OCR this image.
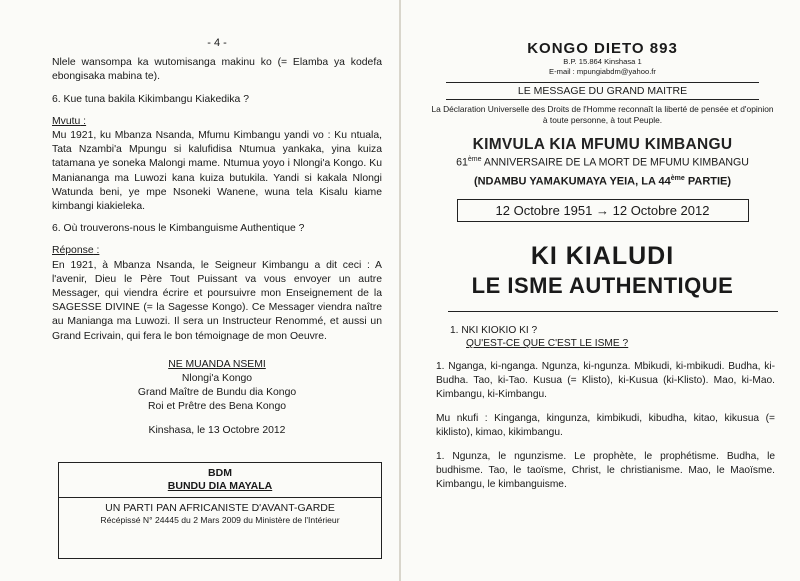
- 4 -

Nlele wansompa ka wutomisanga makinu ko (= Elamba ya kodefa ebongisaka mabina te).

6. Kue tuna bakila Kikimbangu Kiakedika ?

Mvutu :
Mu 1921, ku Mbanza Nsanda, Mfumu Kimbangu yandi vo : Ku ntuala, Tata Nzambi'a Mpungu si kalufidisa Ntumua yankaka, yina kuiza tatamana ye soneka Malongi mame. Ntumua yoyo i Nlongi'a Kongo. Ku Maniananga ma Luwozi kana kuiza butukila. Yandi si kakala Nlongi Watunda beni, ye mpe Nsoneki Wanene, wuna tela Kisalu kiame kimbangi kiakieleka.

6. Où trouverons-nous le Kimbanguisme Authentique ?

Réponse :
En 1921, à Mbanza Nsanda, le Seigneur Kimbangu a dit ceci : A l'avenir, Dieu le Père Tout Puissant va vous envoyer un autre Messager, qui viendra écrire et poursuivre mon Enseignement de la SAGESSE DIVINE (= la Sagesse Kongo). Ce Messager viendra naître au Manianga ma Luwozi. Il sera un Instructeur Renommé, et aussi un Grand Ecrivain, qui fera le bon témoignage de mon Oeuvre.
NE MUANDA NSEMI
Nlongi'a Kongo
Grand Maître de Bundu dia Kongo
Roi et Prêtre des Bena Kongo
Kinshasa, le 13 Octobre 2012
BDM
BUNDU DIA MAYALA
UN PARTI PAN AFRICANISTE D'AVANT-GARDE
Récépissé N° 24445 du 2 Mars 2009 du Ministère de l'Intérieur
KONGO DIETO 893
B.P. 15.864 Kinshasa 1
E-mail : mpungiabdm@yahoo.fr
LE MESSAGE DU GRAND MAITRE
La Déclaration Universelle des Droits de l'Homme reconnaît la liberté de pensée et d'opinion à toute personne, à tout Peuple.
KIMVULA KIA MFUMU KIMBANGU
61ème ANNIVERSAIRE DE LA MORT DE MFUMU KIMBANGU
(NDAMBU YAMAKUMAYA YEIA, LA 44ème PARTIE)
12 Octobre 1951 → 12 Octobre 2012
KI KIALUDI
LE ISME AUTHENTIQUE
1. NKI KIOKIO KI ?
QU'EST-CE QUE C'EST LE ISME ?
1. Nganga, ki-nganga. Ngunza, ki-ngunza. Mbikudi, ki-mbikudi. Budha, ki-Budha. Tao, ki-Tao. Kusua (= Klisto), ki-Kusua (ki-Klisto). Mao, ki-Mao. Kimbangu, ki-Kimbangu.
Mu nkufi : Kinganga, kingunza, kimbikudi, kibudha, kitao, kikusua (= kiklisto), kimao, kikimbangu.
1. Ngunza, le ngunzisme. Le prophète, le prophétisme. Budha, le budhisme. Tao, le taoïsme, Christ, le christianisme. Mao, le Maoïsme. Kimbangu, le kimbanguisme.
